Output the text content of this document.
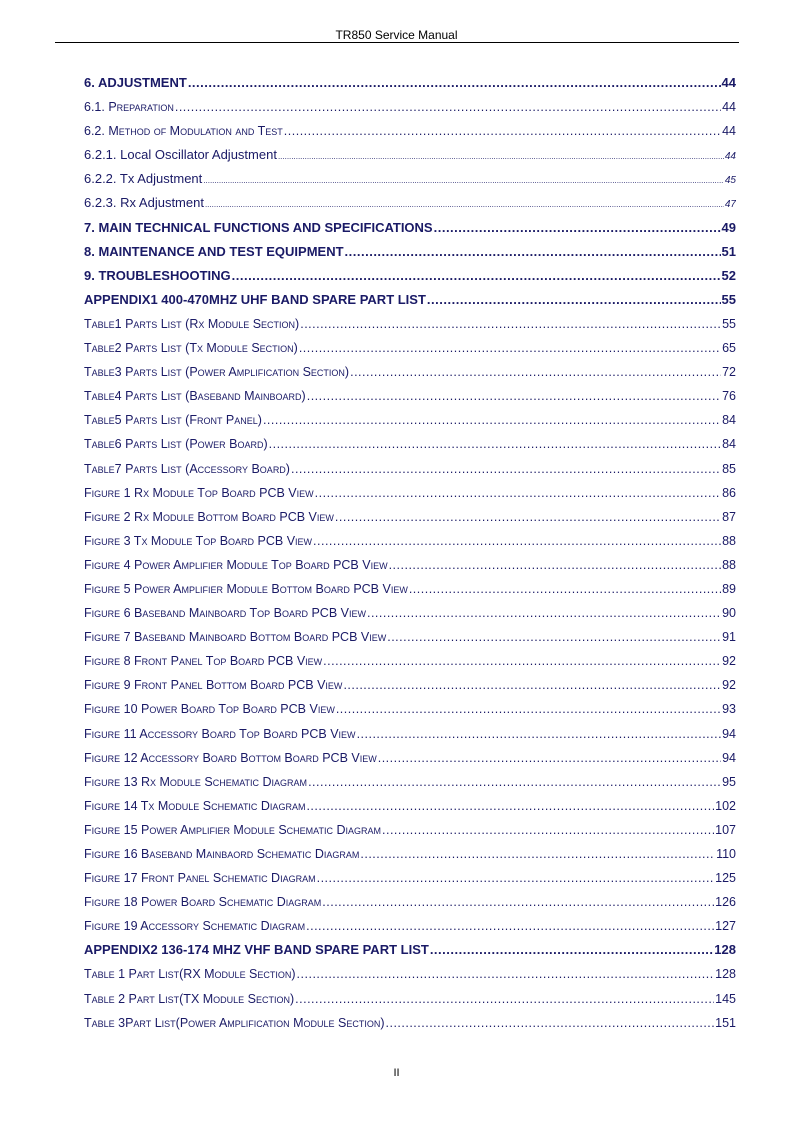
TR850 Service Manual
6. ADJUSTMENT .....	44
6.1. Preparation .....	44
6.2. Method of Modulation and Test .....	44
6.2.1. Local Oscillator Adjustment .....	44
6.2.2. Tx Adjustment .....	45
6.2.3. Rx Adjustment .....	47
7. MAIN TECHNICAL FUNCTIONS AND SPECIFICATIONS .....	49
8. MAINTENANCE AND TEST EQUIPMENT .....	51
9. TROUBLESHOOTING .....	52
APPENDIX1 400-470MHZ UHF BAND SPARE PART LIST .....	55
Table1 Parts List (Rx Module Section) .....	55
Table2 Parts List (Tx Module Section) .....	65
Table3 Parts List (Power Amplification Section) .....	72
Table4 Parts List (Baseband Mainboard) .....	76
Table5 Parts List (Front Panel) .....	84
Table6 Parts List (Power Board) .....	84
Table7 Parts List (Accessory Board) .....	85
Figure 1 Rx Module Top Board PCB View .....	86
Figure 2 Rx Module Bottom Board PCB View .....	87
Figure 3 Tx Module Top Board PCB View .....	88
Figure 4 Power Amplifier Module Top Board PCB View .....	88
Figure 5 Power Amplifier Module Bottom Board PCB View .....	89
Figure 6 Baseband Mainboard Top Board PCB View .....	90
Figure 7 Baseband Mainboard Bottom Board PCB View .....	91
Figure 8 Front Panel Top Board PCB View .....	92
Figure 9 Front Panel Bottom Board PCB View .....	92
Figure 10 Power Board Top Board PCB View .....	93
Figure 11 Accessory Board Top Board PCB View .....	94
Figure 12 Accessory Board Bottom Board PCB View .....	94
Figure 13 Rx Module Schematic Diagram .....	95
Figure 14 Tx Module Schematic Diagram .....	102
Figure 15 Power Amplifier Module Schematic Diagram .....	107
Figure 16 Baseband Mainbaord Schematic Diagram .....	110
Figure 17 Front Panel Schematic Diagram .....	125
Figure 18 Power Board Schematic Diagram .....	126
Figure 19 Accessory Schematic Diagram .....	127
APPENDIX2 136-174 MHZ VHF BAND SPARE PART LIST .....	128
Table 1 Part List(RX Module Section) .....	128
Table 2 Part List(TX Module Section) .....	145
Table 3Part List(Power Amplification Module Section) .....	151
II
